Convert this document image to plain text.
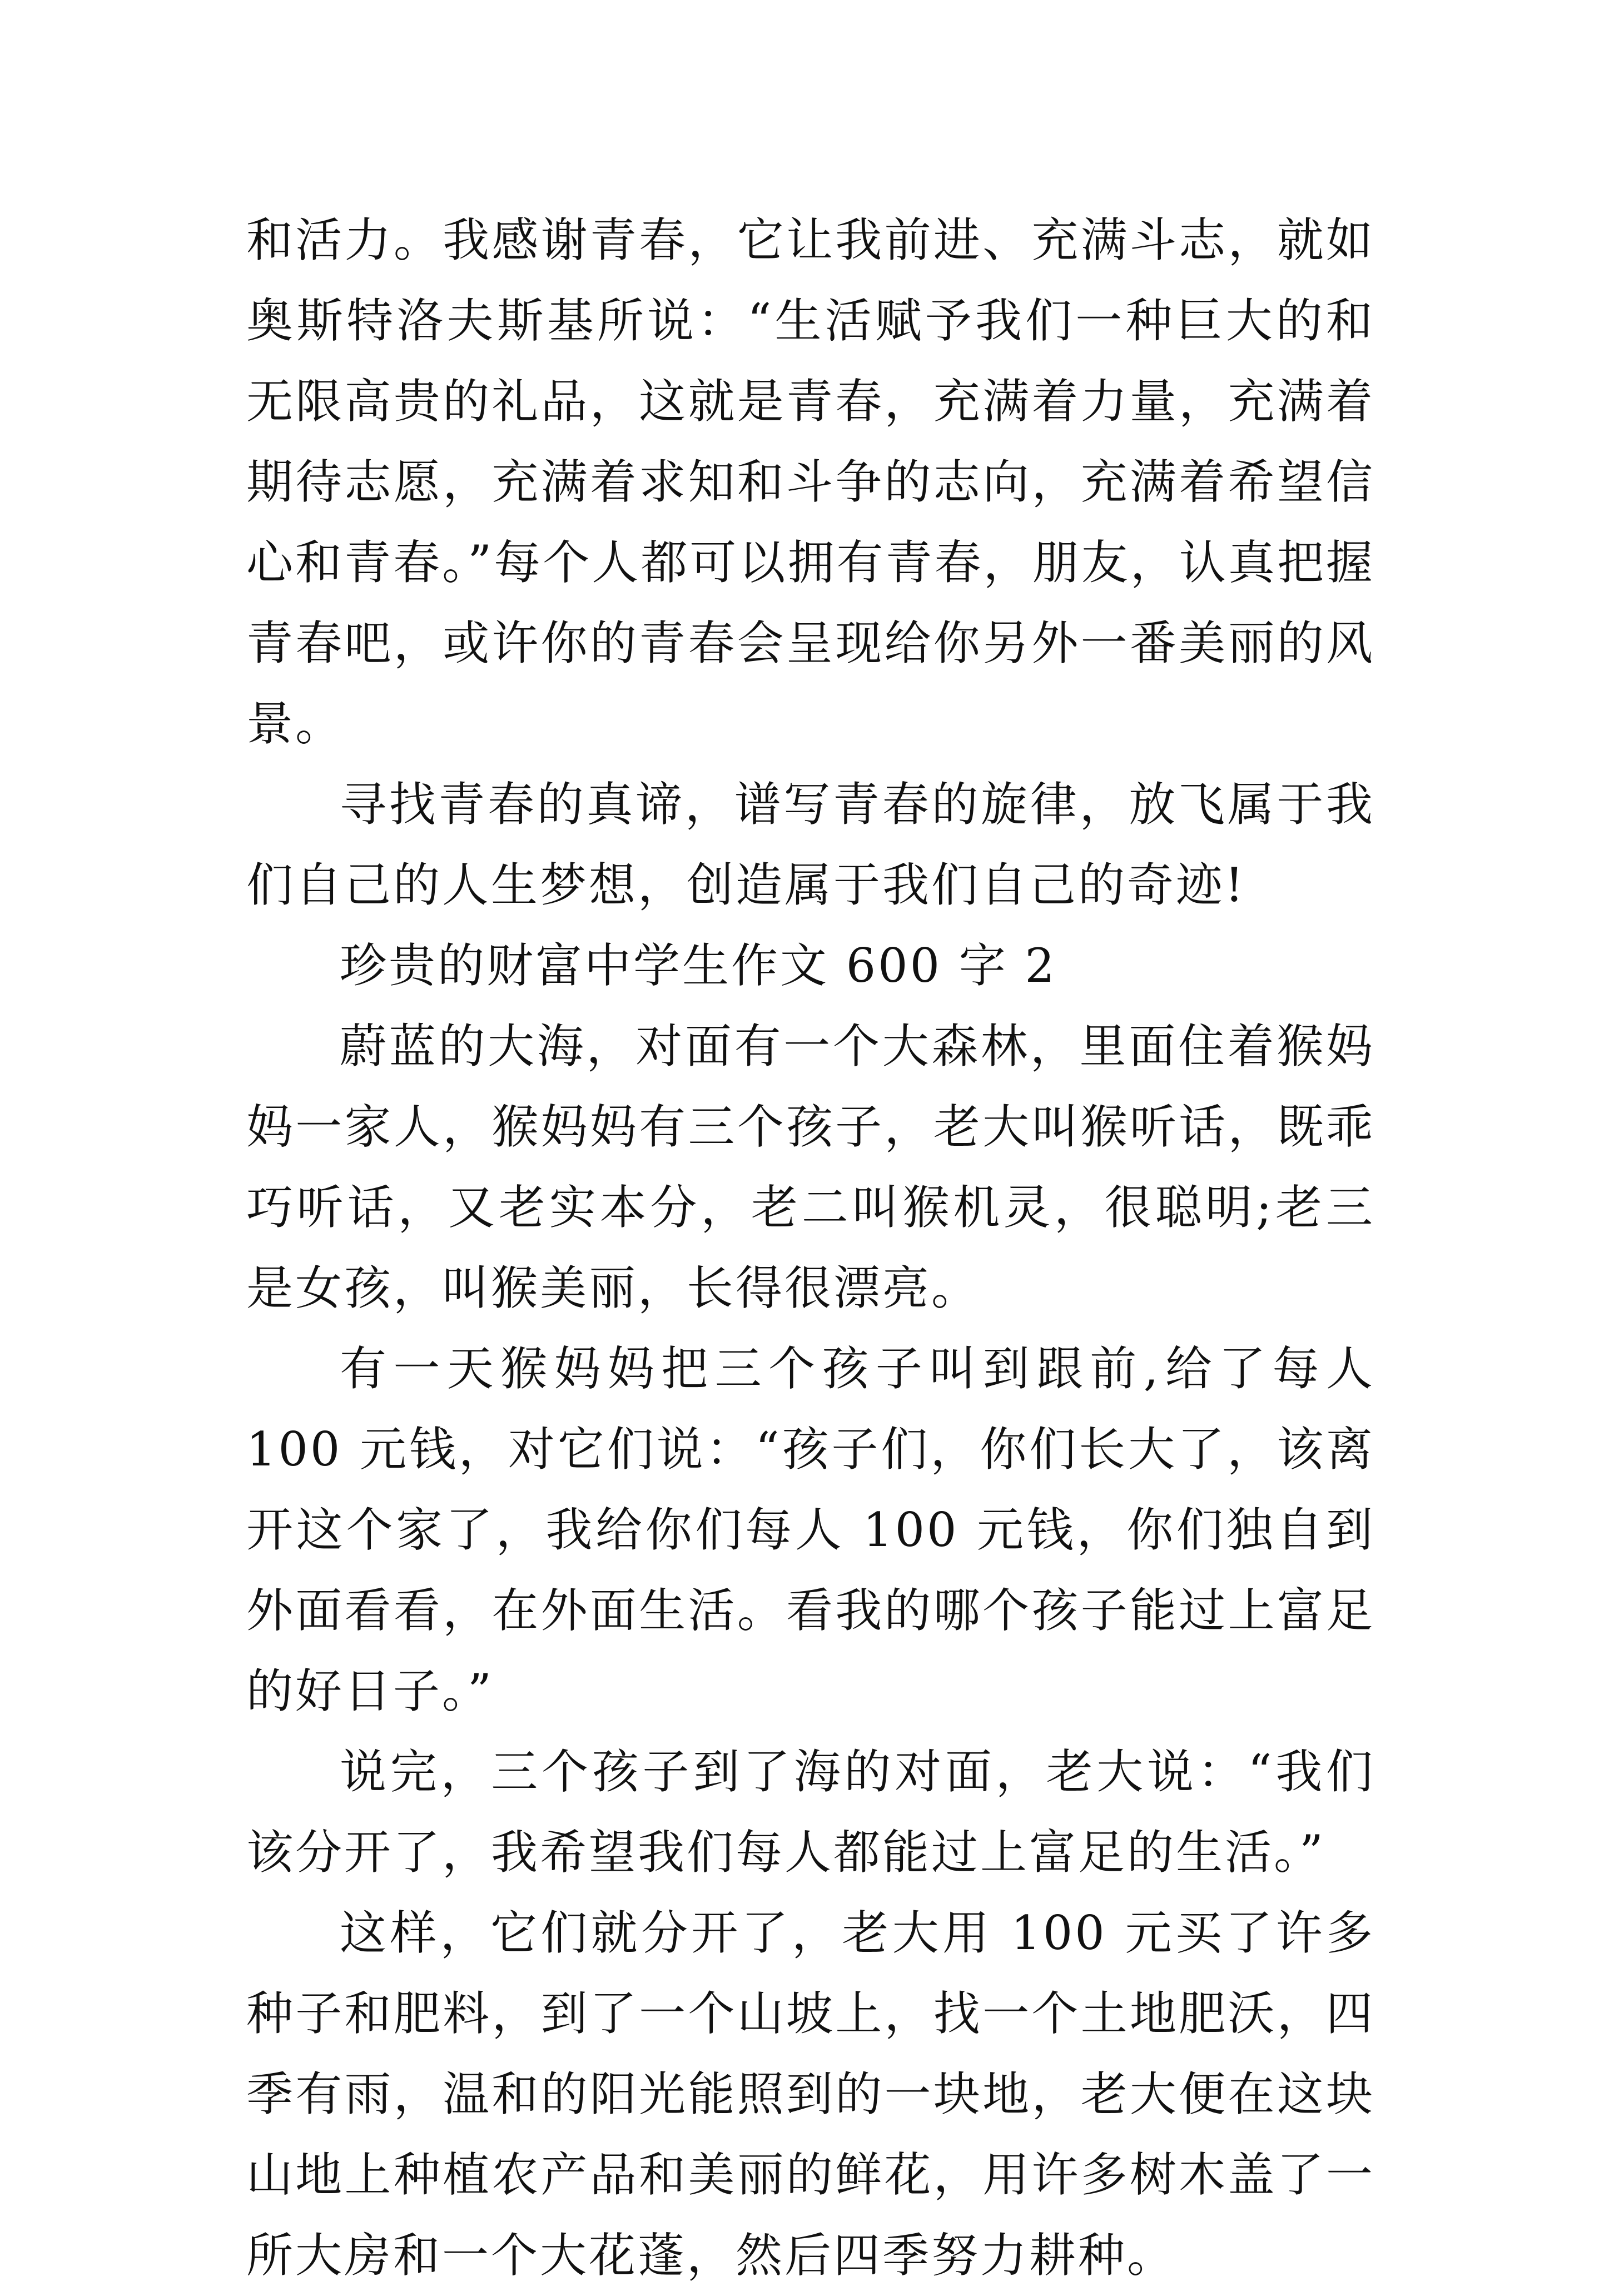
和活力。我感谢青春，它让我前进、充满斗志，就如奥斯特洛夫斯基所说：“生活赋予我们一种巨大的和无限高贵的礼品，这就是青春，充满着力量，充满着期待志愿，充满着求知和斗争的志向，充满着希望信心和青春。”每个人都可以拥有青春，朋友，认真把握青春吧，或许你的青春会呈现给你另外一番美丽的风景。

寻找青春的真谛，谱写青春的旋律，放飞属于我们自己的人生梦想，创造属于我们自己的奇迹!

珍贵的财富中学生作文 600 字 2

蔚蓝的大海，对面有一个大森林，里面住着猴妈妈一家人，猴妈妈有三个孩子，老大叫猴听话，既乖巧听话，又老实本分，老二叫猴机灵，很聪明;老三是女孩，叫猴美丽，长得很漂亮。

有一天猴妈妈把三个孩子叫到跟前,给了每人 100 元钱，对它们说：“孩子们，你们长大了，该离开这个家了，我给你们每人 100 元钱，你们独自到外面看看，在外面生活。看我的哪个孩子能过上富足的好日子。”

说完，三个孩子到了海的对面，老大说：“我们该分开了，我希望我们每人都能过上富足的生活。”

这样，它们就分开了，老大用 100 元买了许多种子和肥料，到了一个山坡上，找一个土地肥沃，四季有雨，温和的阳光能照到的一块地，老大便在这块山地上种植农产品和美丽的鲜花，用许多树木盖了一所大房和一个大花蓬，然后四季努力耕种。
